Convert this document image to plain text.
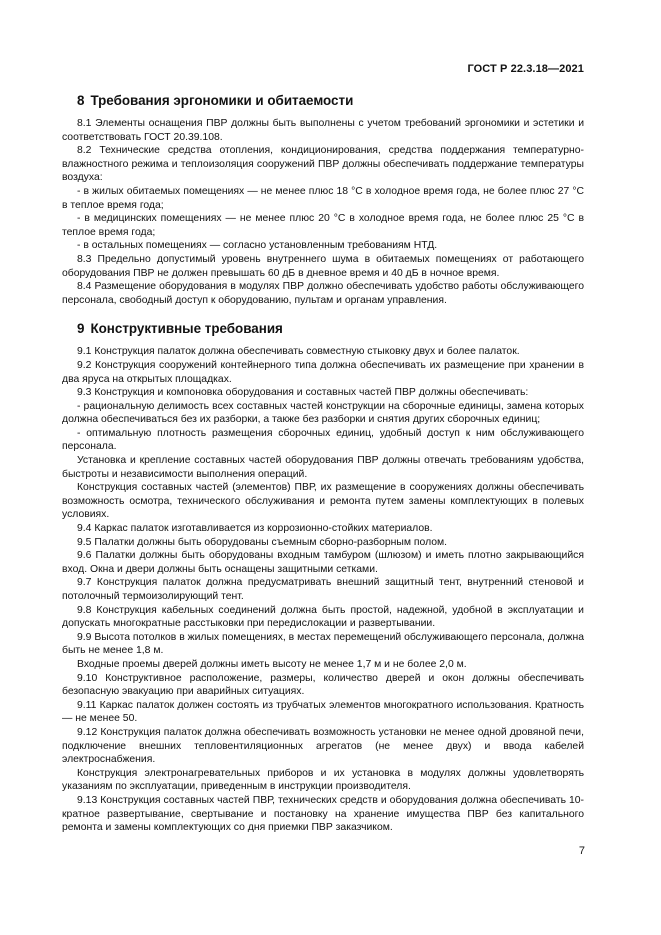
ГОСТ Р 22.3.18—2021
8 Требования эргономики и обитаемости

8.1 Элементы оснащения ПВР должны быть выполнены с учетом требований эргономики и эстетики и соответствовать ГОСТ 20.39.108.

8.2 Технические средства отопления, кондиционирования, средства поддержания температурно-влажностного режима и теплоизоляция сооружений ПВР должны обеспечивать поддержание температуры воздуха:

- в жилых обитаемых помещениях — не менее плюс 18 °С в холодное время года, не более плюс 27 °С в теплое время года;

- в медицинских помещениях — не менее плюс 20 °С в холодное время года, не более плюс 25 °С в теплое время года;

- в остальных помещениях — согласно установленным требованиям НТД.

8.3 Предельно допустимый уровень внутреннего шума в обитаемых помещениях от работающего оборудования ПВР не должен превышать 60 дБ в дневное время и 40 дБ в ночное время.

8.4 Размещение оборудования в модулях ПВР должно обеспечивать удобство работы обслуживающего персонала, свободный доступ к оборудованию, пультам и органам управления.

9 Конструктивные требования

9.1 Конструкция палаток должна обеспечивать совместную стыковку двух и более палаток.

9.2 Конструкция сооружений контейнерного типа должна обеспечивать их размещение при хранении в два яруса на открытых площадках.

9.3 Конструкция и компоновка оборудования и составных частей ПВР должны обеспечивать:

- рациональную делимость всех составных частей конструкции на сборочные единицы, замена которых должна обеспечиваться без их разборки, а также без разборки и снятия других сборочных единиц;

- оптимальную плотность размещения сборочных единиц, удобный доступ к ним обслуживающего персонала.

Установка и крепление составных частей оборудования ПВР должны отвечать требованиям удобства, быстроты и независимости выполнения операций.

Конструкция составных частей (элементов) ПВР, их размещение в сооружениях должны обеспечивать возможность осмотра, технического обслуживания и ремонта путем замены комплектующих в полевых условиях.

9.4 Каркас палаток изготавливается из коррозионно-стойких материалов.

9.5 Палатки должны быть оборудованы съемным сборно-разборным полом.

9.6 Палатки должны быть оборудованы входным тамбуром (шлюзом) и иметь плотно закрывающийся вход. Окна и двери должны быть оснащены защитными сетками.

9.7 Конструкция палаток должна предусматривать внешний защитный тент, внутренний стеновой и потолочный термоизолирующий тент.

9.8 Конструкция кабельных соединений должна быть простой, надежной, удобной в эксплуатации и допускать многократные расстыковки при передислокации и развертывании.

9.9 Высота потолков в жилых помещениях, в местах перемещений обслуживающего персонала, должна быть не менее 1,8 м.

Входные проемы дверей должны иметь высоту не менее 1,7 м и не более 2,0 м.

9.10 Конструктивное расположение, размеры, количество дверей и окон должны обеспечивать безопасную эвакуацию при аварийных ситуациях.

9.11 Каркас палаток должен состоять из трубчатых элементов многократного использования. Кратность — не менее 50.

9.12 Конструкция палаток должна обеспечивать возможность установки не менее одной дровяной печи, подключение внешних тепловентиляционных агрегатов (не менее двух) и ввода кабелей электроснабжения.

Конструкция электронагревательных приборов и их установка в модулях должны удовлетворять указаниям по эксплуатации, приведенным в инструкции производителя.

9.13 Конструкция составных частей ПВР, технических средств и оборудования должна обеспечивать 10-кратное развертывание, свертывание и постановку на хранение имущества ПВР без капитального ремонта и замены комплектующих со дня приемки ПВР заказчиком.

7
